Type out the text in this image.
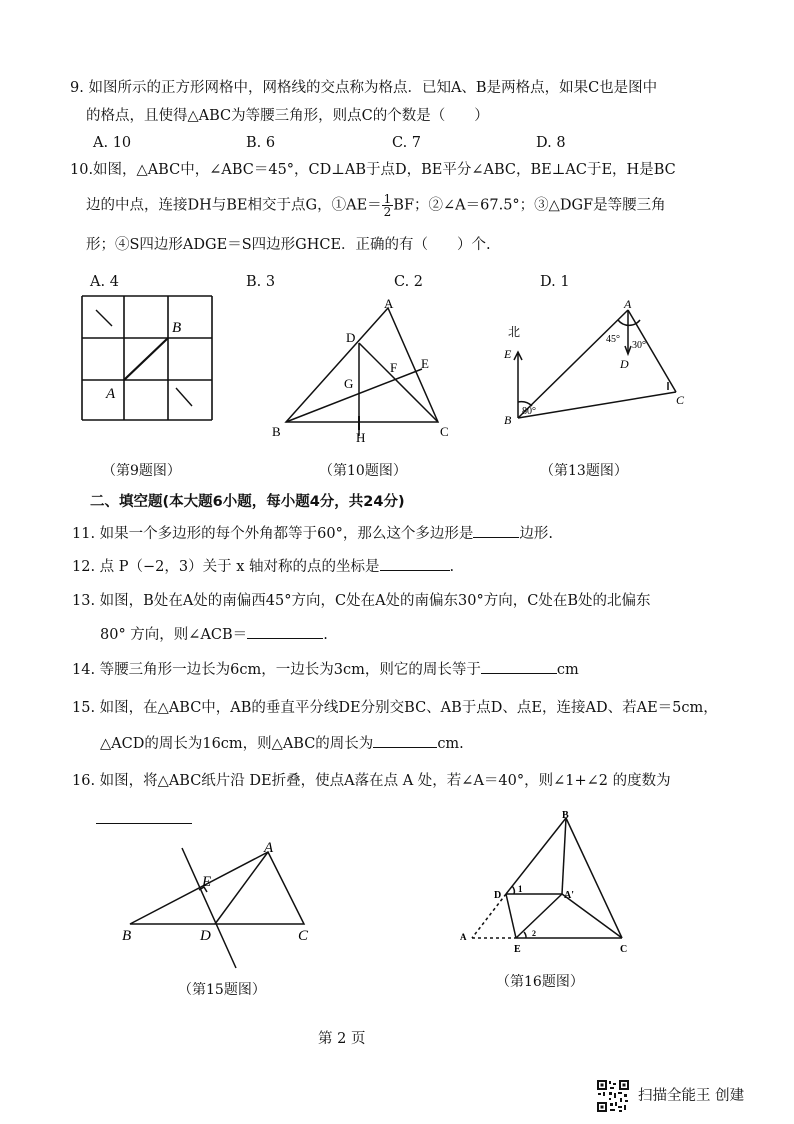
9. 如图所示的正方形网格中，网格线的交点称为格点．已知A、B是两格点，如果C也是图中
的格点，且使得△ABC为等腰三角形，则点C的个数是（　　）
A. 10	B. 6	C. 7	D. 8
10.如图，△ABC中，∠ABC＝45°，CD⊥AB于点D，BE平分∠ABC，BE⊥AC于E，H是BC
边的中点，连接DH与BE相交于点G，①AE＝ $\frac{1}{2}$ BF；②∠A＝67.5°；③△DGF是等腰三角
形；④S四边形ADGE＝S四边形GHCE．正确的有（　　）个.
A. 4	B. 3	C. 2	D. 1
B
A
A
D
E
F
G
B	H	C
A
北
E
D
B
C
45°
30°
80°
（第9题图）	（第10题图）	（第13题图）
二、填空题(本大题6小题，每小题4分，共24分)
11. 如果一个多边形的每个外角都等于60°，那么这个多边形是	边形.
12. 点 P（−2，3）关于 x 轴对称的点的坐标是	.
13. 如图，B处在A处的南偏西45°方向，C处在A处的南偏东30°方向，C处在B处的北偏东
80° 方向，则∠ACB＝	.
14. 等腰三角形一边长为6cm，一边长为3cm，则它的周长等于	cm
15. 如图，在△ABC中，AB的垂直平分线DE分别交BC、AB于点D、点E，连接AD、若AE＝5cm，
△ACD的周长为16cm，则△ABC的周长为	cm.
16. 如图，将△ABC纸片沿 DE折叠，使点A落在点 A 处，若∠A＝40°，则∠1+∠2 的度数为
A
E
B	D	C
B
D
1
A'
A
E
2
C
（第15题图）	（第16题图）
第 2 页
扫描全能王 创建
